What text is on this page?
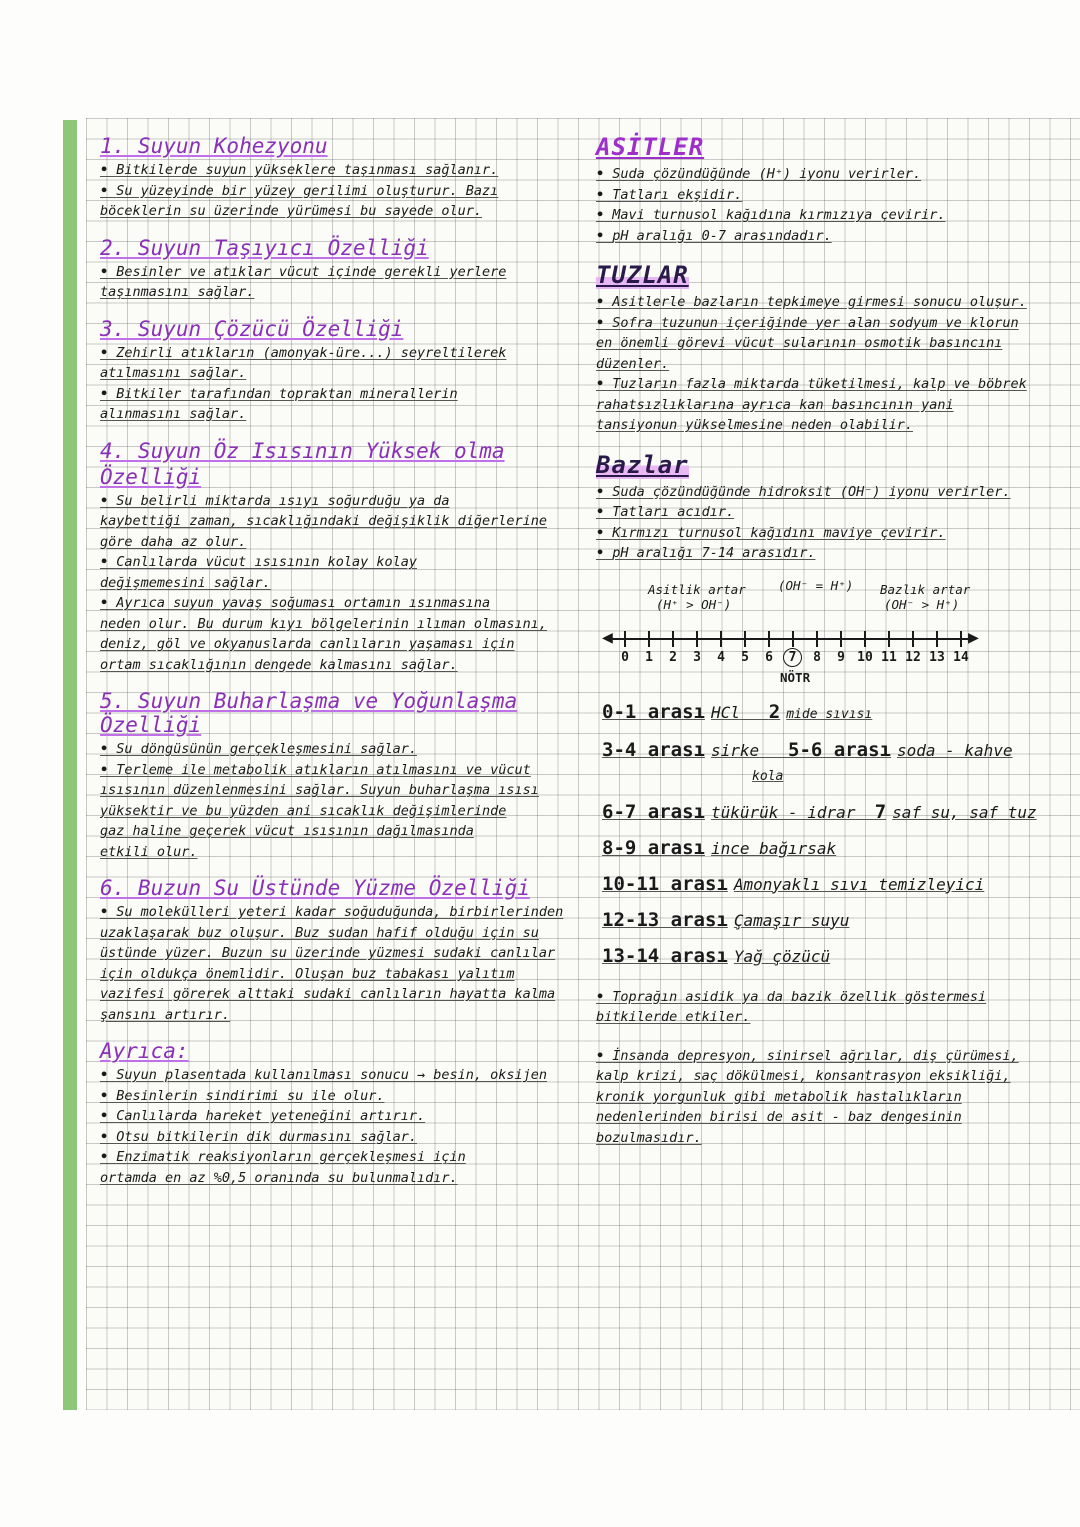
1. Suyun Kohezyonu
• Bitkilerde suyun yükseklere taşınması sağlanır.
• Su yüzeyinde bir yüzey gerilimi oluşturur. Bazı
böceklerin su üzerinde yürümesi bu sayede olur.
2. Suyun Taşıyıcı Özelliği
• Besinler ve atıklar vücut içinde gerekli yerlere
taşınmasını sağlar.
3. Suyun Çözücü Özelliği
• Zehirli atıkların (amonyak-üre...) seyreltilerek
atılmasını sağlar.
• Bitkiler tarafından topraktan minerallerin
alınmasını sağlar.
4. Suyun Öz Isısının Yüksek olma
Özelliği
• Su belirli miktarda ısıyı soğurduğu ya da
kaybettiği zaman, sıcaklığındaki değişiklik diğerlerine
göre daha az olur.
• Canlılarda vücut ısısının kolay kolay
değişmemesini sağlar.
• Ayrıca suyun yavaş soğuması ortamın ısınmasına
neden olur. Bu durum kıyı bölgelerinin ılıman olmasını,
deniz, göl ve okyanuslarda canlıların yaşaması için
ortam sıcaklığının dengede kalmasını sağlar.
5. Suyun Buharlaşma ve Yoğunlaşma Özelliği
• Su döngüsünün gerçekleşmesini sağlar.
• Terleme ile metabolik atıkların atılmasını ve vücut
ısısının düzenlenmesini sağlar. Suyun buharlaşma ısısı
yüksektir ve bu yüzden ani sıcaklık değişimlerinde
gaz haline geçerek vücut ısısının dağılmasında
etkili olur.
6. Buzun Su Üstünde Yüzme Özelliği
• Su molekülleri yeteri kadar soğuduğunda, birbirlerinden
uzaklaşarak buz oluşur. Buz sudan hafif olduğu için su
üstünde yüzer. Buzun su üzerinde yüzmesi sudaki canlılar
için oldukça önemlidir. Oluşan buz tabakası yalıtım
vazifesi görerek alttaki sudaki canlıların hayatta kalma
şansını artırır.
Ayrıca:
• Suyun plasentada kullanılması sonucu → besin, oksijen
• Besinlerin sindirimi su ile olur.
• Canlılarda hareket yeteneğini artırır.
• Otsu bitkilerin dik durmasını sağlar.
• Enzimatik reaksiyonların gerçekleşmesi için
ortamda en az %0,5 oranında su bulunmalıdır.
ASİTLER
• Suda çözündüğünde (H⁺) iyonu verirler.
• Tatları ekşidir.
• Mavi turnusol kağıdına kırmızıya çevirir.
• pH aralığı 0-7 arasındadır.
TUZLAR
• Asitlerle bazların tepkimeye girmesi sonucu oluşur.
• Sofra tuzunun içeriğinde yer alan sodyum ve klorun
en önemli görevi vücut sularının osmotik basıncını
düzenler.
• Tuzların fazla miktarda tüketilmesi, kalp ve böbrek
rahatsızlıklarına ayrıca kan basıncının yani
tansiyonun yükselmesine neden olabilir.
Bazlar
• Suda çözündüğünde hidroksit (OH⁻) iyonu verirler.
• Tatları acıdır.
• Kırmızı turnusol kağıdını maviye çevirir.
• pH aralığı 7-14 arasıdır.
Asitlik artar
(H⁺ > OH⁻)
(OH⁻ = H⁺) Bazlık artar
(OH⁻ > H⁺)
◀	▶
NÖTR
0	1	2	3	4	5	6	7	8	9 10 11 12 13 14
0-1 arası HCl 2 mide sıvısı
3-4 arası sirke 5-6 arası soda - kahve
kola
6-7 arası tükürük - idrar 7 saf su, saf tuz
8-9 arası ince bağırsak
10-11 arası Amonyaklı sıvı temizleyici
12-13 arası Çamaşır suyu
13-14 arası Yağ çözücü
• Toprağın asidik ya da bazik özellik göstermesi
bitkilerde etkiler.
• İnsanda depresyon, sinirsel ağrılar, diş çürümesi,
kalp krizi, saç dökülmesi, konsantrasyon eksikliği,
kronik yorgunluk gibi metabolik hastalıkların
nedenlerinden birisi de asit - baz dengesinin
bozulmasıdır.
